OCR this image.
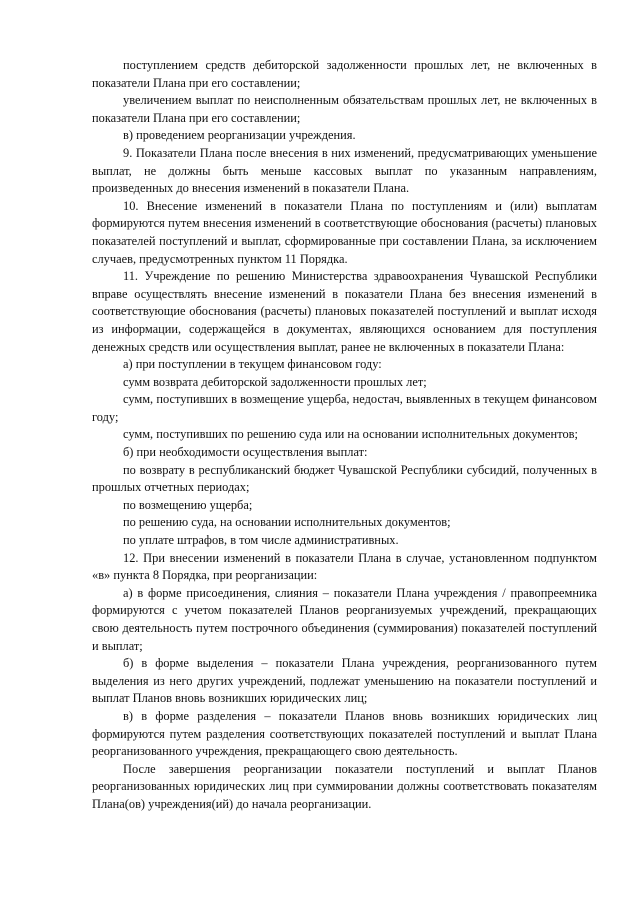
поступлением средств дебиторской задолженности прошлых лет, не включенных в показатели Плана при его составлении;

увеличением выплат по неисполненным обязательствам прошлых лет, не включенных в показатели Плана при его составлении;

в) проведением реорганизации учреждения.

9. Показатели Плана после внесения в них изменений, предусматривающих уменьшение выплат, не должны быть меньше кассовых выплат по указанным направлениям, произведенных до внесения изменений в показатели Плана.

10. Внесение изменений в показатели Плана по поступлениям и (или) выплатам формируются путем внесения изменений в соответствующие обоснования (расчеты) плановых показателей поступлений и выплат, сформированные при составлении Плана, за исключением случаев, предусмотренных пунктом 11 Порядка.

11. Учреждение по решению Министерства здравоохранения Чувашской Республики вправе осуществлять внесение изменений в показатели Плана без внесения изменений в соответствующие обоснования (расчеты) плановых показателей поступлений и выплат исходя из информации, содержащейся в документах, являющихся основанием для поступления денежных средств или осуществления выплат, ранее не включенных в показатели Плана:

а) при поступлении в текущем финансовом году:

сумм возврата дебиторской задолженности прошлых лет;

сумм, поступивших в возмещение ущерба, недостач, выявленных в текущем финансовом году;

сумм, поступивших по решению суда или на основании исполнительных документов;

б) при необходимости осуществления выплат:

по возврату в республиканский бюджет Чувашской Республики субсидий, полученных в прошлых отчетных периодах;

по возмещению ущерба;

по решению суда, на основании исполнительных документов;

по уплате штрафов, в том числе административных.

12. При внесении изменений в показатели Плана в случае, установленном подпунктом «в» пункта 8 Порядка, при реорганизации:

а) в форме присоединения, слияния – показатели Плана учреждения / правопреемника формируются с учетом показателей Планов реорганизуемых учреждений, прекращающих свою деятельность путем построчного объединения (суммирования) показателей поступлений и выплат;

б) в форме выделения – показатели Плана учреждения, реорганизованного путем выделения из него других учреждений, подлежат уменьшению на показатели поступлений и выплат Планов вновь возникших юридических лиц;

в) в форме разделения – показатели Планов вновь возникших юридических лиц формируются путем разделения соответствующих показателей поступлений и выплат Плана реорганизованного учреждения, прекращающего свою деятельность.

После завершения реорганизации показатели поступлений и выплат Планов реорганизованных юридических лиц при суммировании должны соответствовать показателям Плана(ов) учреждения(ий) до начала реорганизации.
